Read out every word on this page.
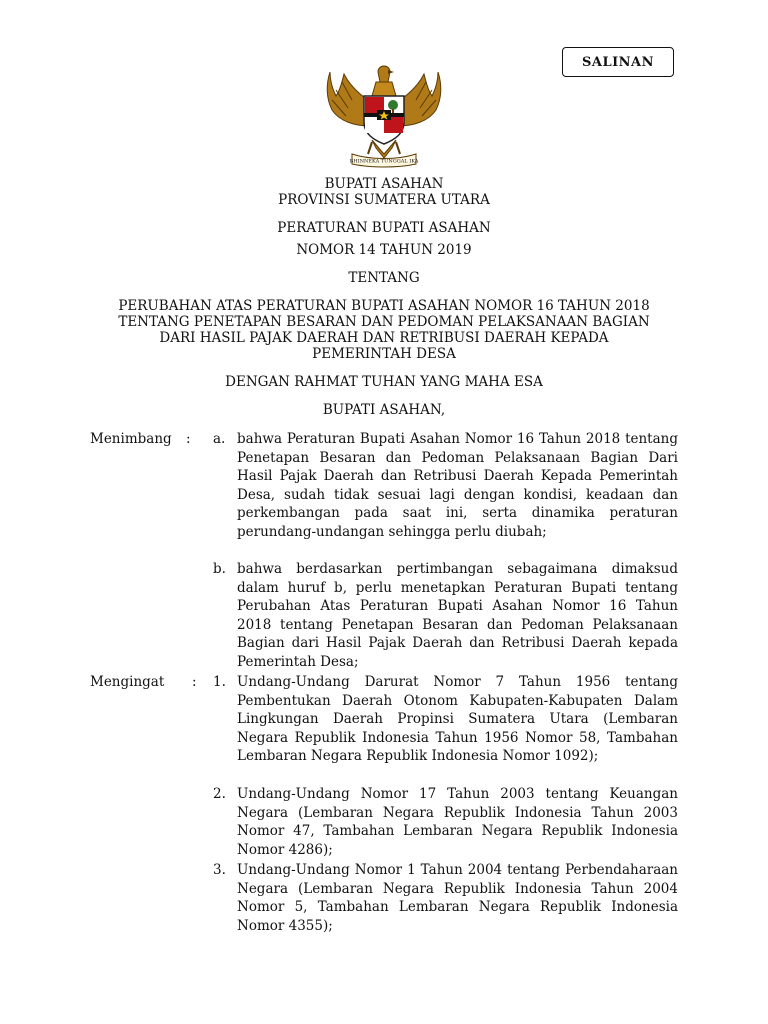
SALINAN
BHINNEKA TUNGGAL IKA
BUPATI ASAHAN
PROVINSI SUMATERA UTARA
PERATURAN BUPATI ASAHAN
NOMOR 14 TAHUN 2019
TENTANG
PERUBAHAN ATAS PERATURAN BUPATI ASAHAN NOMOR 16 TAHUN 2018
TENTANG PENETAPAN BESARAN DAN PEDOMAN PELAKSANAAN BAGIAN
DARI HASIL PAJAK DAERAH DAN RETRIBUSI DAERAH KEPADA
PEMERINTAH DESA
DENGAN RAHMAT TUHAN YANG MAHA ESA
BUPATI ASAHAN,
Menimbang : a. bahwa Peraturan Bupati Asahan Nomor 16 Tahun 2018 tentang Penetapan Besaran dan Pedoman Pelaksanaan Bagian Dari Hasil Pajak Daerah dan Retribusi Daerah Kepada Pemerintah Desa, sudah tidak sesuai lagi dengan kondisi, keadaan dan perkembangan pada saat ini, serta dinamika peraturan perundang-undangan sehingga perlu diubah;
b. bahwa berdasarkan pertimbangan sebagaimana dimaksud dalam huruf b, perlu menetapkan Peraturan Bupati tentang Perubahan Atas Peraturan Bupati Asahan Nomor 16 Tahun 2018 tentang Penetapan Besaran dan Pedoman Pelaksanaan Bagian dari Hasil Pajak Daerah dan Retribusi Daerah kepada Pemerintah Desa;
Mengingat : 1. Undang-Undang Darurat Nomor 7 Tahun 1956 tentang Pembentukan Daerah Otonom Kabupaten-Kabupaten Dalam Lingkungan Daerah Propinsi Sumatera Utara (Lembaran Negara Republik Indonesia Tahun 1956 Nomor 58, Tambahan Lembaran Negara Republik Indonesia Nomor 1092);
2. Undang-Undang Nomor 17 Tahun 2003 tentang Keuangan Negara (Lembaran Negara Republik Indonesia Tahun 2003 Nomor 47, Tambahan Lembaran Negara Republik Indonesia Nomor 4286);
3. Undang-Undang Nomor 1 Tahun 2004 tentang Perbendaharaan Negara (Lembaran Negara Republik Indonesia Tahun 2004 Nomor 5, Tambahan Lembaran Negara Republik Indonesia Nomor 4355);
